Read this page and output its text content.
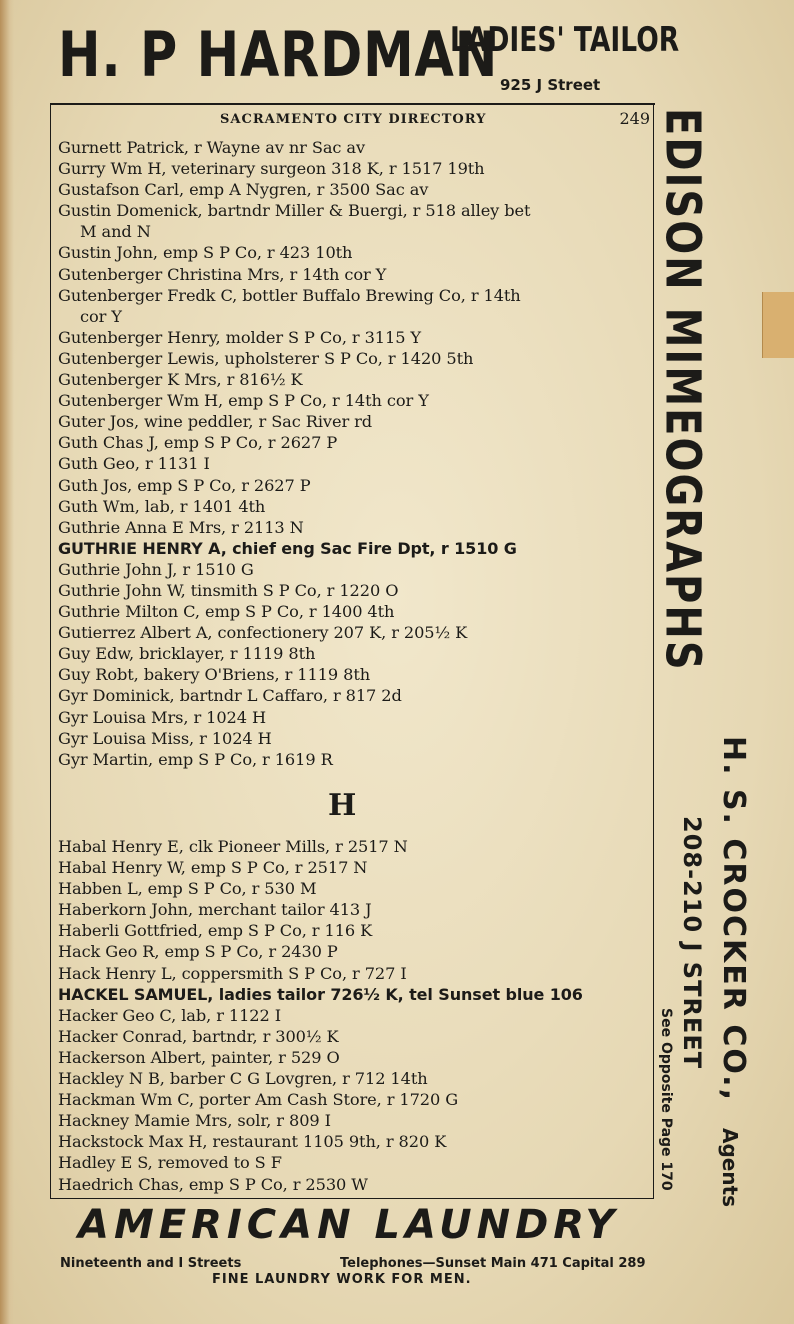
H. P HARDMAN
LADIES' TAILOR
925 J Street
SACRAMENTO CITY DIRECTORY	249
Gurnett Patrick, r Wayne av nr Sac av
Gurry Wm H, veterinary surgeon 318 K, r 1517 19th
Gustafson Carl, emp A Nygren, r 3500 Sac av
Gustin Domenick, bartndr Miller & Buergi, r 518 alley bet
M and N
Gustin John, emp S P Co, r 423 10th
Gutenberger Christina Mrs, r 14th cor Y
Gutenberger Fredk C, bottler Buffalo Brewing Co, r 14th
cor Y
Gutenberger Henry, molder S P Co, r 3115 Y
Gutenberger Lewis, upholsterer S P Co, r 1420 5th
Gutenberger K Mrs, r 816½ K
Gutenberger Wm H, emp S P Co, r 14th cor Y
Guter Jos, wine peddler, r Sac River rd
Guth Chas J, emp S P Co, r 2627 P
Guth Geo, r 1131 I
Guth Jos, emp S P Co, r 2627 P
Guth Wm, lab, r 1401 4th
Guthrie Anna E Mrs, r 2113 N
GUTHRIE HENRY A, chief eng Sac Fire Dpt, r 1510 G
Guthrie John J, r 1510 G
Guthrie John W, tinsmith S P Co, r 1220 O
Guthrie Milton C, emp S P Co, r 1400 4th
Gutierrez Albert A, confectionery 207 K, r 205½ K
Guy Edw, bricklayer, r 1119 8th
Guy Robt, bakery O'Briens, r 1119 8th
Gyr Dominick, bartndr L Caffaro, r 817 2d
Gyr Louisa Mrs, r 1024 H
Gyr Louisa Miss, r 1024 H
Gyr Martin, emp S P Co, r 1619 R
H
Habal Henry E, clk Pioneer Mills, r 2517 N
Habal Henry W, emp S P Co, r 2517 N
Habben L, emp S P Co, r 530 M
Haberkorn John, merchant tailor 413 J
Haberli Gottfried, emp S P Co, r 116 K
Hack Geo R, emp S P Co, r 2430 P
Hack Henry L, coppersmith S P Co, r 727 I
HACKEL SAMUEL, ladies tailor 726½ K, tel Sunset blue 106
Hacker Geo C, lab, r 1122 I
Hacker Conrad, bartndr, r 300½ K
Hackerson Albert, painter, r 529 O
Hackley N B, barber C G Lovgren, r 712 14th
Hackman Wm C, porter Am Cash Store, r 1720 G
Hackney Mamie Mrs, solr, r 809 I
Hackstock Max H, restaurant 1105 9th, r 820 K
Hadley E S, removed to S F
Haedrich Chas, emp S P Co, r 2530 W
EDISON MIMEOGRAPHS
H. S. CROCKER CO.,
Agents
208-210 J STREET
See Opposite Page 170
AMERICAN LAUNDRY
Nineteenth and I Streets	Telephones—Sunset Main 471 Capital 289
FINE LAUNDRY WORK FOR MEN.
